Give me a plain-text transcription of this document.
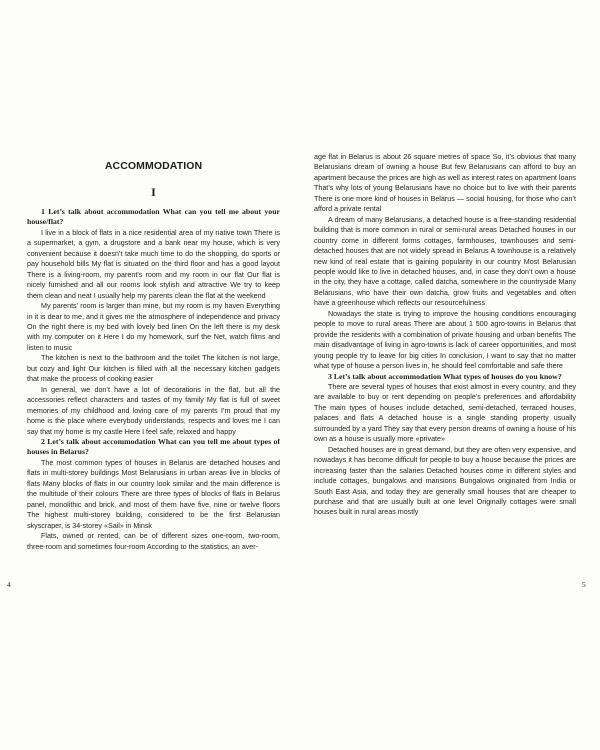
ACCOMMODATION
I
1 Let’s talk about accommodation What can you tell me about your house/flat?

I live in a block of flats in a nice residential area of my native town There is a supermarket, a gym, a drugstore and a bank near my house, which is very convenient because it doesn’t take much time to do the shopping, do sports or pay household bills My flat is situated on the third floor and has a good layout There is a living-room, my parent’s room and my room in our flat Our flat is nicely furnished and all our rooms look stylish and attractive We try to keep them clean and neat I usually help my parents clean the flat at the weekend

My parents’ room is larger than mine, but my room is my haven Everything in it is dear to me, and it gives me the atmosphere of independence and privacy On the right there is my bed with lovely bed linen On the left there is my desk with my computer on it Here I do my homework, surf the Net, watch films and listen to music

The kitchen is next to the bathroom and the toilet The kitchen is not large, but cozy and light Our kitchen is filled with all the necessary kitchen gadgets that make the process of cooking easier

In general, we don’t have a lot of decorations in the flat, but all the accessories reflect characters and tastes of my family My flat is full of sweet memories of my childhood and loving care of my parents I’m proud that my home is the place where everybody understands, respects and loves me I can say that my home is my castle Here I feel safe, relaxed and happy

2 Let’s talk about accommodation What can you tell me about types of houses in Belarus?

The most common types of houses in Belarus are detached houses and flats in multi-storey buildings Most Belarusians in urban areas live in blocks of flats Many blocks of flats in our country look similar and the main difference is the multitude of their colours There are three types of blocks of flats in Belarus panel, monolithic and brick, and most of them have five, nine or twelve floors The highest multi-storey building, considered to be the first Belarusian skyscraper, is 34-storey «Sail» in Minsk

Flats, owned or rented, can be of different sizes one-room, two-room, three-room and sometimes four-room According to the statistics, an aver-

4

age flat in Belarus is about 26 square metres of space So, it’s obvious that many Belarusians dream of owning a house But few Belarusians can afford to buy an apartment because the prices are high as well as interest rates on apartment loans That’s why lots of young Belarusians have no choice but to live with their parents There is one more kind of houses in Belarus — social housing, for those who can’t afford a private rental

A dream of many Belarusians, a detached house is a free-standing residential building that is more common in rural or semi-rural areas Detached houses in our country come in different forms cottages, farmhouses, townhouses and semi-detached houses that are not widely spread in Belarus A townhouse is a relatively new kind of real estate that is gaining popularity in our country Most Belarusian people would like to live in detached houses, and, in case they don’t own a house in the city, they have a cottage, called datcha, somewhere in the countryside Many Belarusians, who have their own datcha, grow fruits and vegetables and often have a greenhouse which reflects our resourcefulness

Nowadays the state is trying to improve the housing conditions encouraging people to move to rural areas There are about 1 500 agro-towns in Belarus that provide the residents with a combination of private housing and urban benefits The main disadvantage of living in agro-towns is lack of career opportunities, and most young people try to leave for big cities In conclusion, I want to say that no matter what type of house a person lives in, he should feel comfortable and safe there

3 Let’s talk about accommodation What types of houses do you know?

There are several types of houses that exist almost in every country, and they are available to buy or rent depending on people’s preferences and affordability The main types of houses include detached, semi-detached, terraced houses, palaces and flats A detached house is a single standing property usually surrounded by a yard They say that every person dreams of owning a house of his own as a house is usually more «private»

Detached houses are in great demand, but they are often very expensive, and nowadays it has become difficult for people to buy a house because the prices are increasing faster than the salaries Detached houses come in different styles and include cottages, bungalows and mansions Bungalows originated from India or South East Asia, and today they are generally small houses that are cheaper to purchase and that are usually built at one level Originally cottages were small houses built in rural areas mostly

5
